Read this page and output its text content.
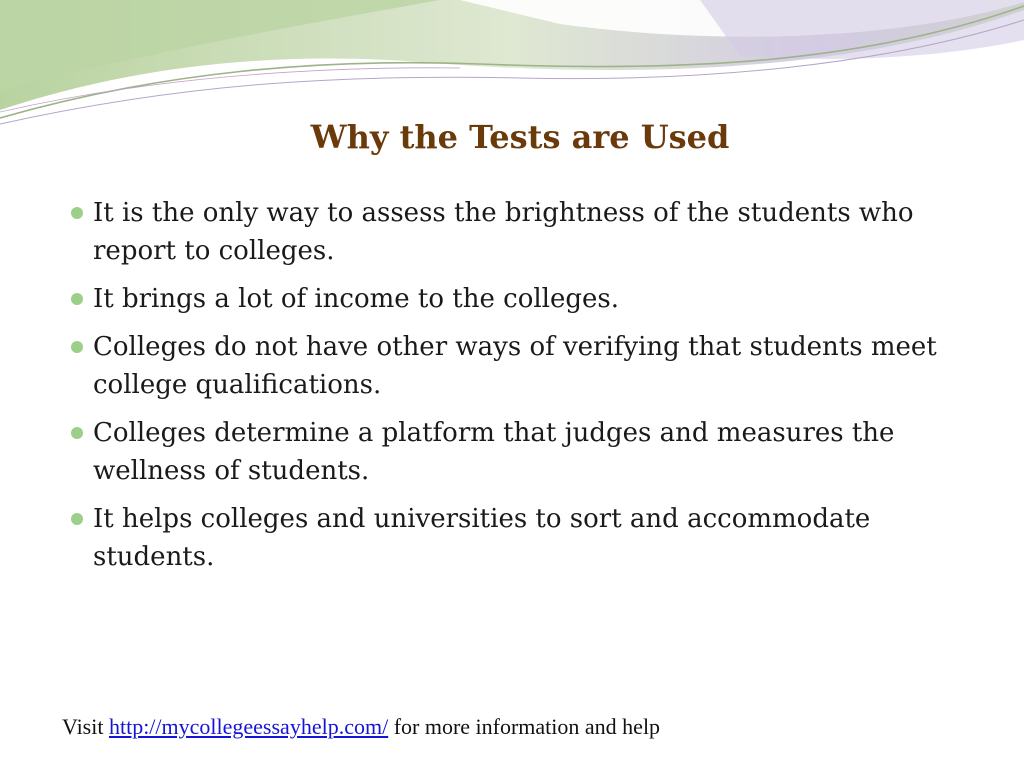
Why the Tests are Used
It is the only way to assess the brightness of the students who report to colleges.
It brings a lot of income to the colleges.
Colleges do not have other ways of verifying that students meet college qualifications.
Colleges determine a platform that judges and measures the wellness of students.
It helps colleges and universities to sort and accommodate students.
Visit http://mycollegeessayhelp.com/ for more information and help
